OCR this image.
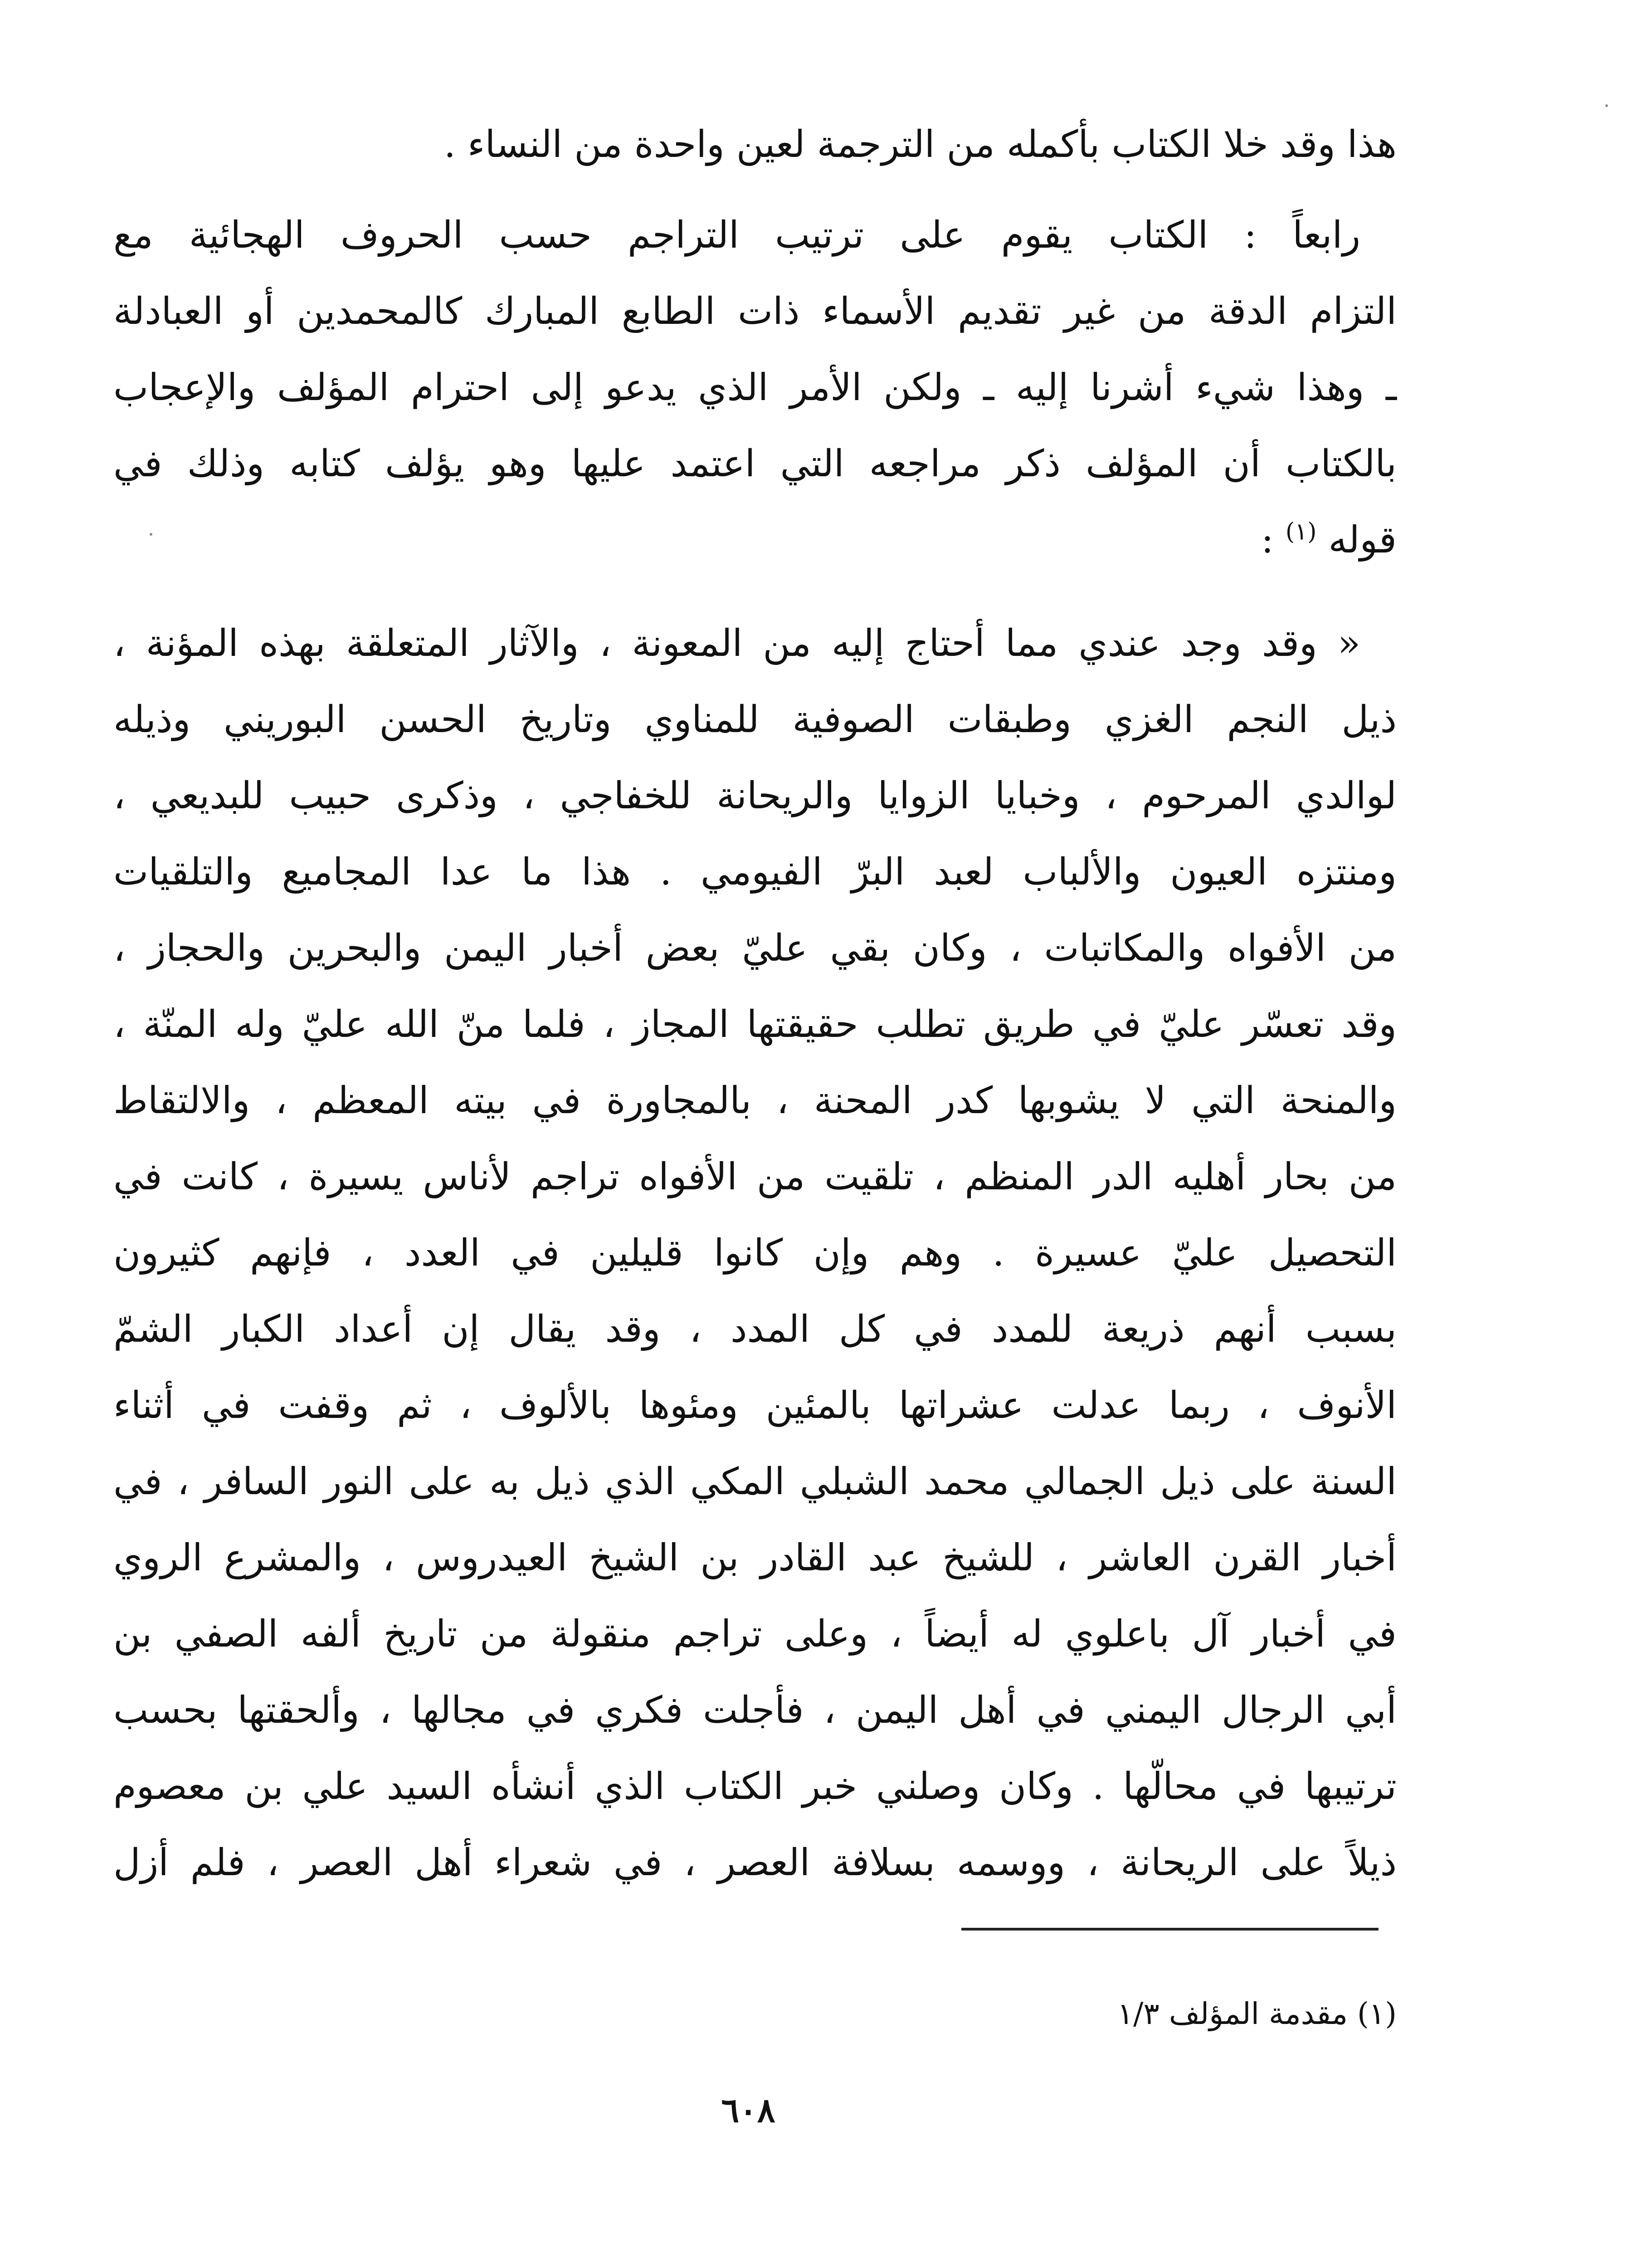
هذا وقد خلا الكتاب بأكمله من الترجمة لعين واحدة من النساء .
رابعاً : الكتاب يقوم على ترتيب التراجم حسب الحروف الهجائية مع
التزام الدقة من غير تقديم الأسماء ذات الطابع المبارك كالمحمدين أو العبادلة
ـ وهذا شيء أشرنا إليه ـ ولكن الأمر الذي يدعو إلى احترام المؤلف والإعجاب
بالكتاب أن المؤلف ذكر مراجعه التي اعتمد عليها وهو يؤلف كتابه وذلك في
قوله $^{(١)}$ :
« وقد وجد عندي مما أحتاج إليه من المعونة ، والآثار المتعلقة بهذه المؤنة ،
ذيل النجم الغزي وطبقات الصوفية للمناوي وتاريخ الحسن البوريني وذيله
لوالدي المرحوم ، وخبايا الزوايا والريحانة للخفاجي ، وذكرى حبيب للبديعي ،
ومنتزه العيون والألباب لعبد البرّ الفيومي . هذا ما عدا المجاميع والتلقيات
من الأفواه والمكاتبات ، وكان بقي عليّ بعض أخبار اليمن والبحرين والحجاز ،
وقد تعسّر عليّ في طريق تطلب حقيقتها المجاز ، فلما منّ الله عليّ وله المنّة ،
والمنحة التي لا يشوبها كدر المحنة ، بالمجاورة في بيته المعظم ، والالتقاط
من بحار أهليه الدر المنظم ، تلقيت من الأفواه تراجم لأناس يسيرة ، كانت في
التحصيل عليّ عسيرة . وهم وإن كانوا قليلين في العدد ، فإنهم كثيرون
بسبب أنهم ذريعة للمدد في كل المدد ، وقد يقال إن أعداد الكبار الشمّ
الأنوف ، ربما عدلت عشراتها بالمئين ومئوها بالألوف ، ثم وقفت في أثناء
السنة على ذيل الجمالي محمد الشبلي المكي الذي ذيل به على النور السافر ، في
أخبار القرن العاشر ، للشيخ عبد القادر بن الشيخ العيدروس ، والمشرع الروي
في أخبار آل باعلوي له أيضاً ، وعلى تراجم منقولة من تاريخ ألفه الصفي بن
أبي الرجال اليمني في أهل اليمن ، فأجلت فكري في مجالها ، وألحقتها بحسب
ترتيبها في محالّها . وكان وصلني خبر الكتاب الذي أنشأه السيد علي بن معصوم
ذيلاً على الريحانة ، ووسمه بسلافة العصر ، في شعراء أهل العصر ، فلم أزل
(١) مقدمة المؤلف ١/٣
٦٠٨
